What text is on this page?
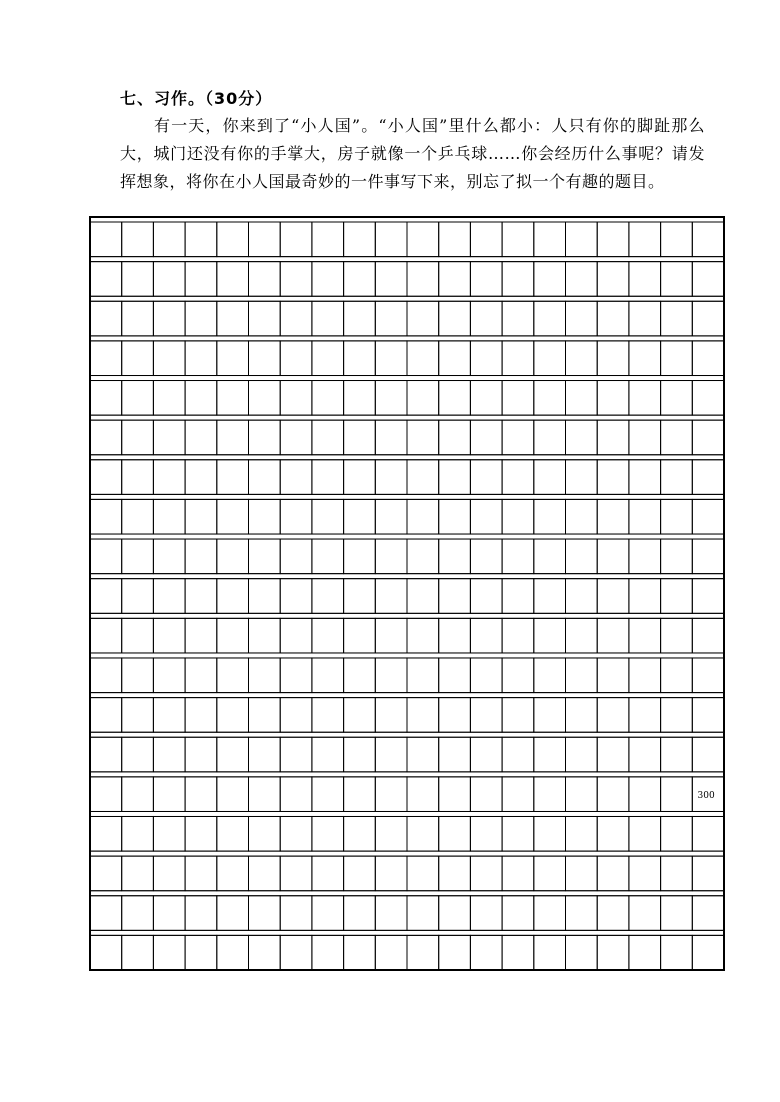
七、习作。（30分）
有一天，你来到了“小人国”。“小人国”里什么都小：人只有你的脚趾那么大，城门还没有你的手掌大，房子就像一个乒乓球……你会经历什么事呢？请发挥想象，将你在小人国最奇妙的一件事写下来，别忘了拟一个有趣的题目。
300
